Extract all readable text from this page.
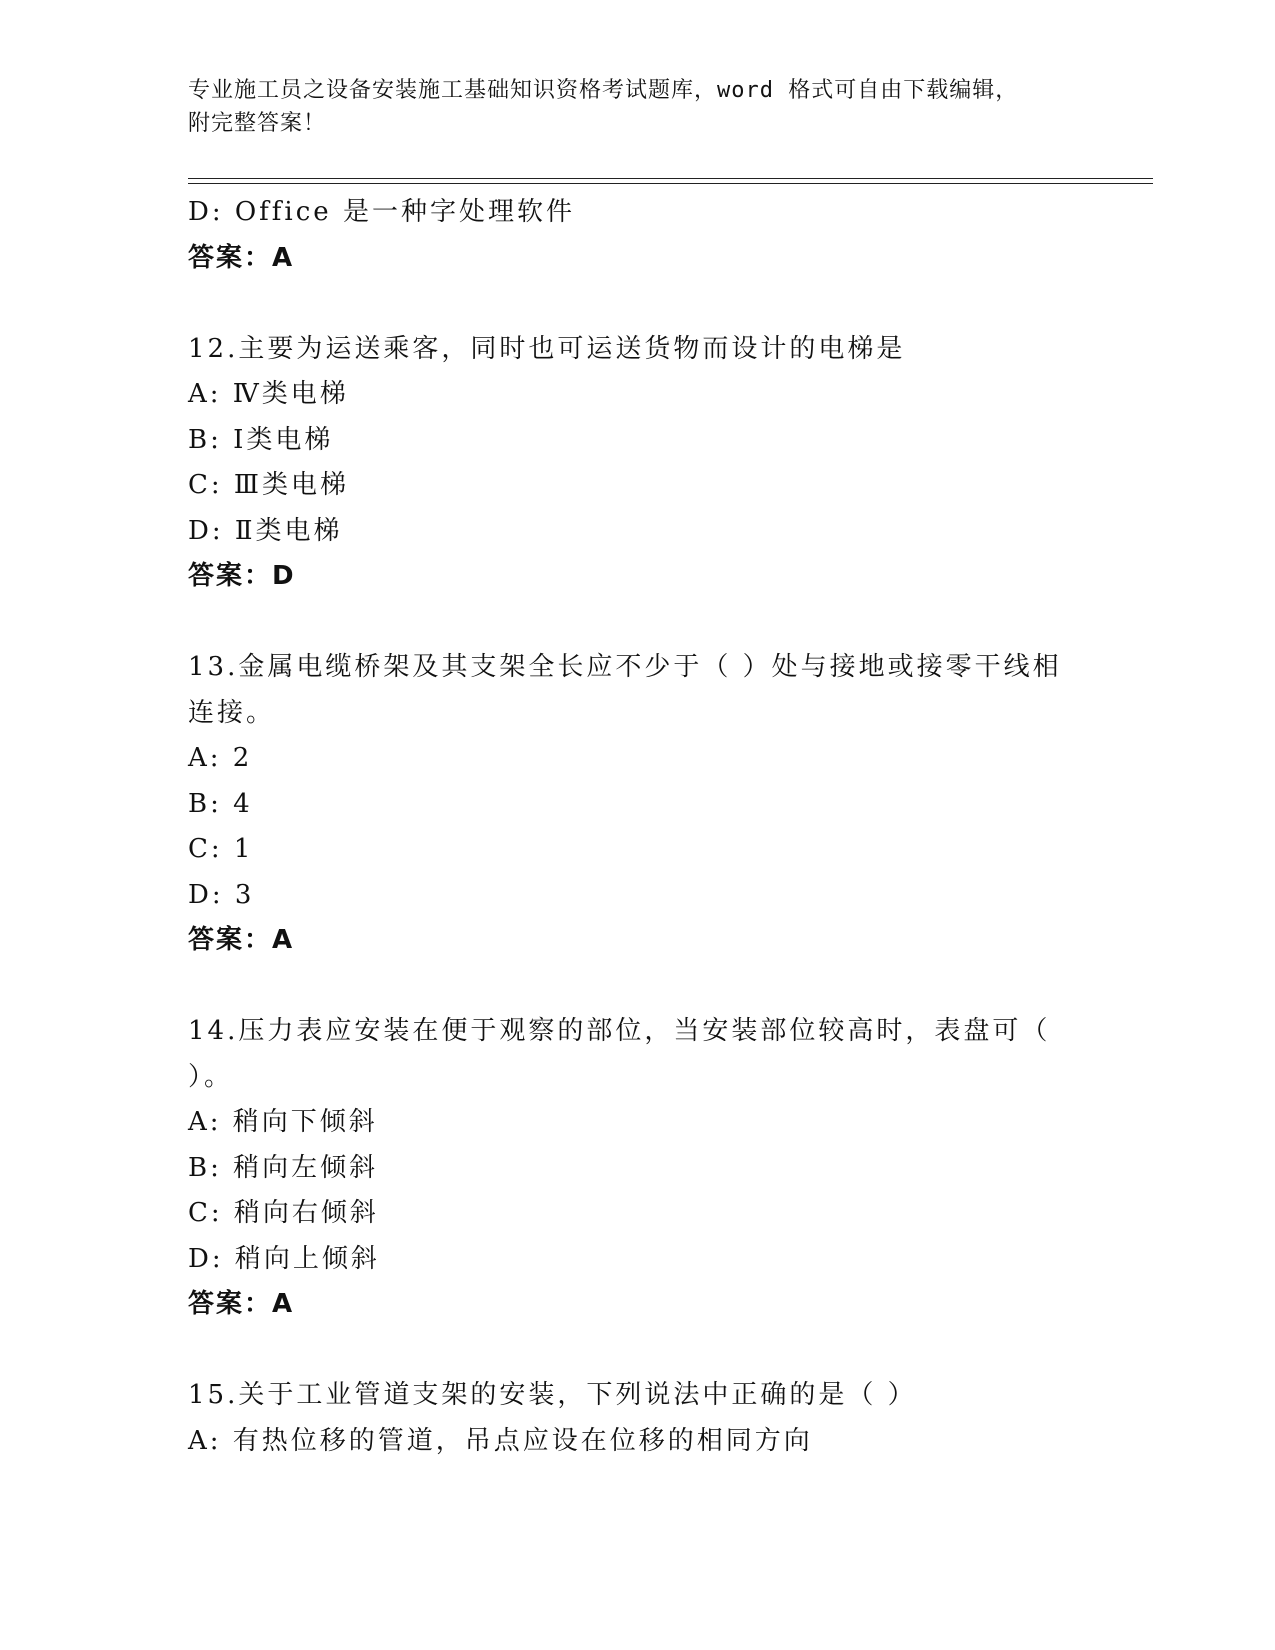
专业施工员之设备安装施工基础知识资格考试题库，word 格式可自由下载编辑，
附完整答案！
D: Office 是一种字处理软件
答案：A
12.主要为运送乘客，同时也可运送货物而设计的电梯是
A: Ⅳ类电梯
B: Ⅰ类电梯
C: Ⅲ类电梯
D: Ⅱ类电梯
答案：D
13.金属电缆桥架及其支架全长应不少于（ ）处与接地或接零干线相
连接。
A: 2
B: 4
C: 1
D: 3
答案：A
14.压力表应安装在便于观察的部位，当安装部位较高时，表盘可（
）。
A: 稍向下倾斜
B: 稍向左倾斜
C: 稍向右倾斜
D: 稍向上倾斜
答案：A
15.关于工业管道支架的安装，下列说法中正确的是（ ）
A: 有热位移的管道，吊点应设在位移的相同方向
